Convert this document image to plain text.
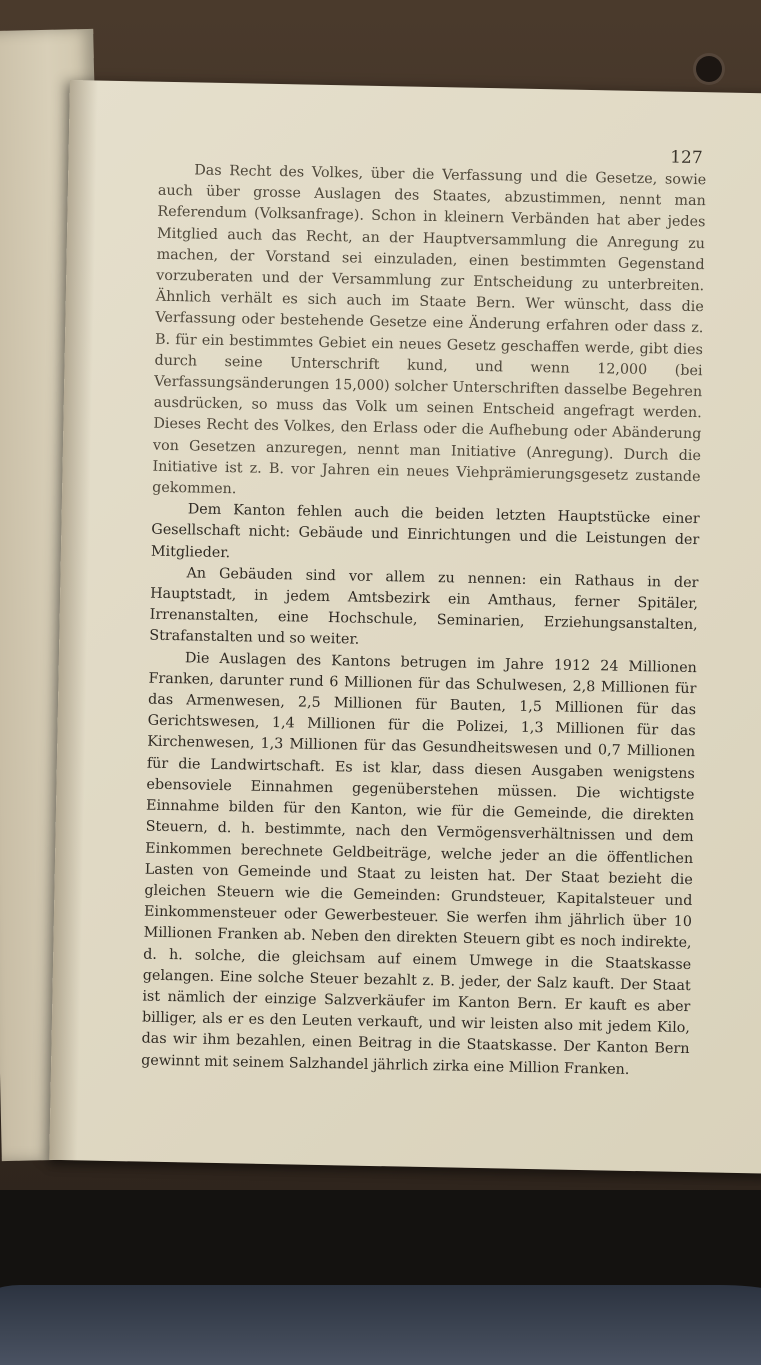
127

Das Recht des Volkes, über die Verfassung und die Gesetze, sowie auch über grosse Auslagen des Staates, abzustimmen, nennt man Referendum (Volksanfrage). Schon in kleinern Verbänden hat aber jedes Mitglied auch das Recht, an der Hauptversammlung die Anregung zu machen, der Vorstand sei einzuladen, einen bestimmten Gegenstand vorzuberaten und der Versammlung zur Entscheidung zu unterbreiten. Ähnlich verhält es sich auch im Staate Bern. Wer wünscht, dass die Verfassung oder bestehende Gesetze eine Änderung erfahren oder dass z. B. für ein bestimmtes Gebiet ein neues Gesetz geschaffen werde, gibt dies durch seine Unterschrift kund, und wenn 12,000 (bei Verfassungsänderungen 15,000) solcher Unterschriften dasselbe Begehren ausdrücken, so muss das Volk um seinen Entscheid angefragt werden. Dieses Recht des Volkes, den Erlass oder die Aufhebung oder Abänderung von Gesetzen anzuregen, nennt man Initiative (Anregung). Durch die Initiative ist z. B. vor Jahren ein neues Viehprämierungsgesetz zustande gekommen.

Dem Kanton fehlen auch die beiden letzten Hauptstücke einer Gesellschaft nicht: Gebäude und Einrichtungen und die Leistungen der Mitglieder.

An Gebäuden sind vor allem zu nennen: ein Rathaus in der Hauptstadt, in jedem Amtsbezirk ein Amthaus, ferner Spitäler, Irrenanstalten, eine Hochschule, Seminarien, Erziehungsanstalten, Strafanstalten und so weiter.

Die Auslagen des Kantons betrugen im Jahre 1912 24 Millionen Franken, darunter rund 6 Millionen für das Schulwesen, 2,8 Millionen für das Armenwesen, 2,5 Millionen für Bauten, 1,5 Millionen für das Gerichtswesen, 1,4 Millionen für die Polizei, 1,3 Millionen für das Kirchenwesen, 1,3 Millionen für das Gesundheitswesen und 0,7 Millionen für die Landwirtschaft. Es ist klar, dass diesen Ausgaben wenigstens ebensoviele Einnahmen gegenüberstehen müssen. Die wichtigste Einnahme bilden für den Kanton, wie für die Gemeinde, die direkten Steuern, d. h. bestimmte, nach den Vermögensverhältnissen und dem Einkommen berechnete Geldbeiträge, welche jeder an die öffentlichen Lasten von Gemeinde und Staat zu leisten hat. Der Staat bezieht die gleichen Steuern wie die Gemeinden: Grundsteuer, Kapitalsteuer und Einkommensteuer oder Gewerbesteuer. Sie werfen ihm jährlich über 10 Millionen Franken ab. Neben den direkten Steuern gibt es noch indirekte, d. h. solche, die gleichsam auf einem Umwege in die Staatskasse gelangen. Eine solche Steuer bezahlt z. B. jeder, der Salz kauft. Der Staat ist nämlich der einzige Salzverkäufer im Kanton Bern. Er kauft es aber billiger, als er es den Leuten verkauft, und wir leisten also mit jedem Kilo, das wir ihm bezahlen, einen Beitrag in die Staatskasse. Der Kanton Bern gewinnt mit seinem Salzhandel jährlich zirka eine Million Franken.
